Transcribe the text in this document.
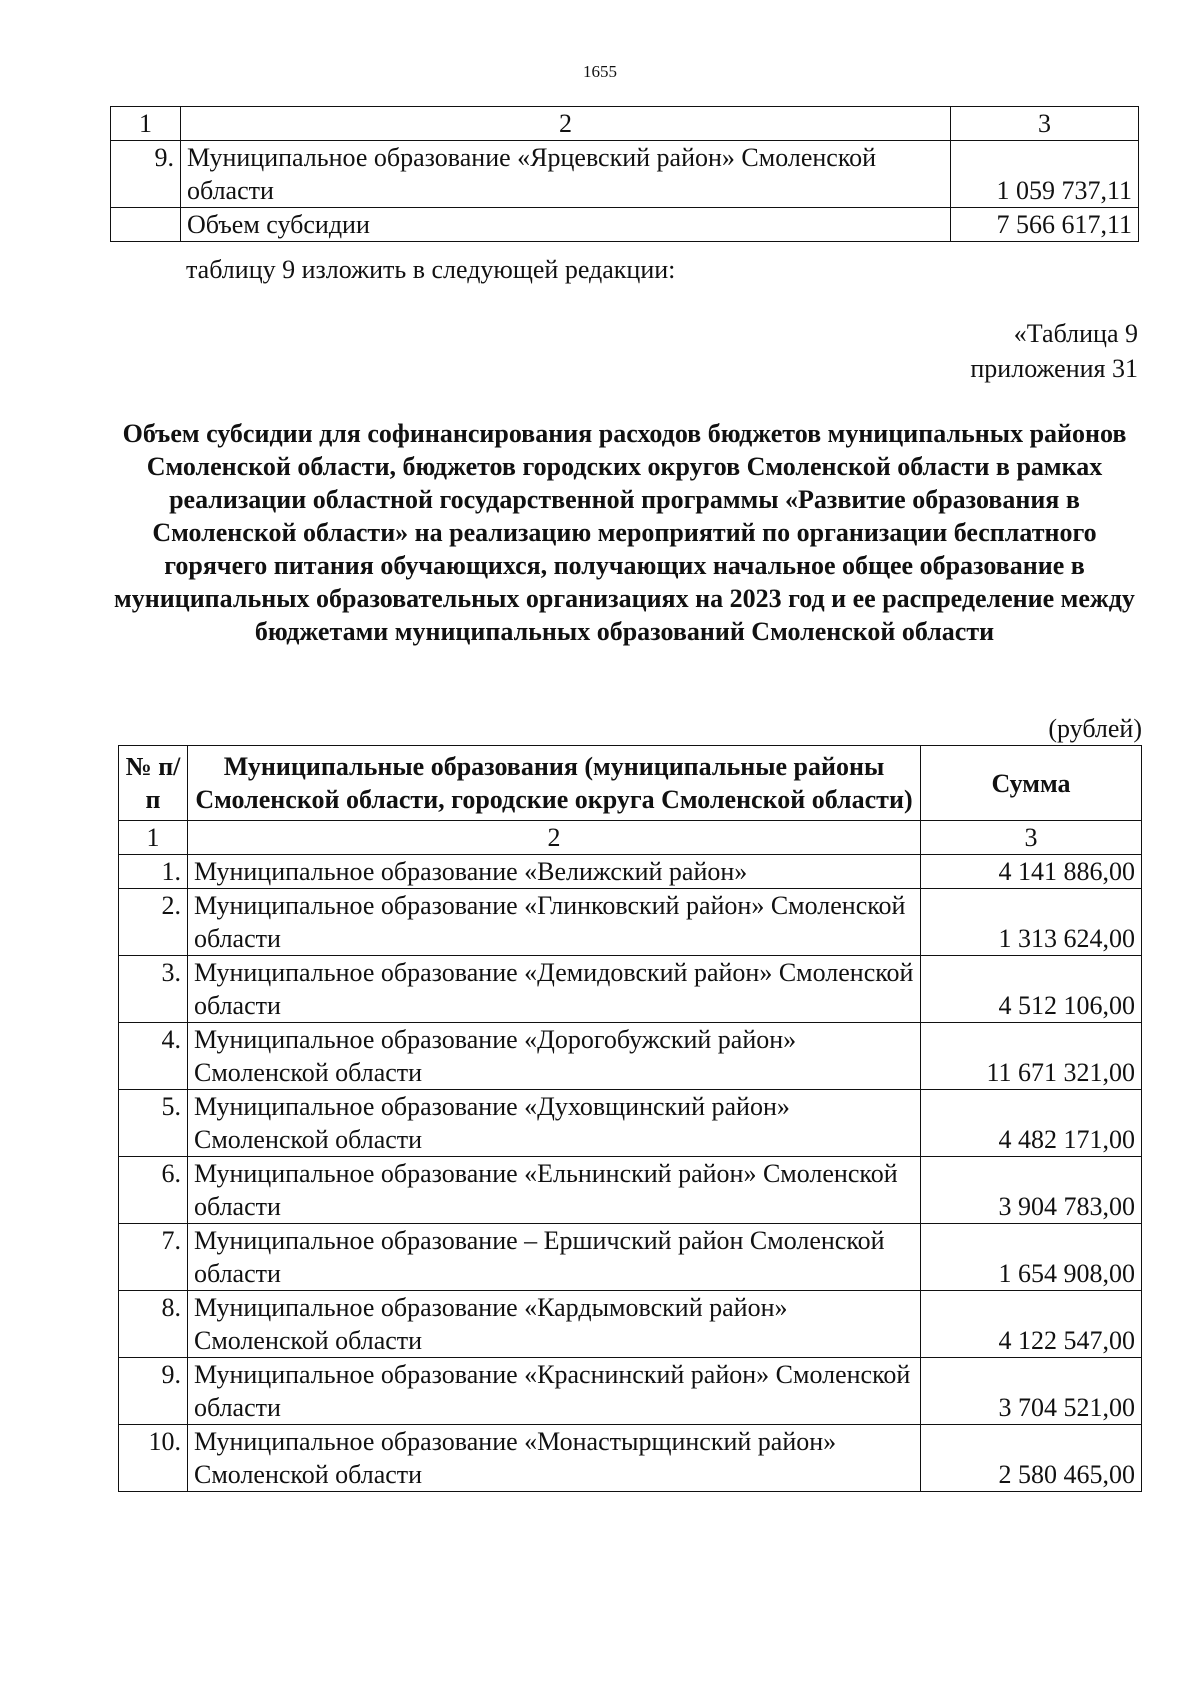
1655
1	2	3
9.	Муниципальное образование «Ярцевский район» Смоленской области	1 059 737,11
	Объем субсидии	7 566 617,11
таблицу 9 изложить в следующей редакции:
«Таблица 9
приложения 31
Объем субсидии для софинансирования расходов бюджетов муниципальных районов Смоленской области, бюджетов городских округов Смоленской области в рамках реализации областной государственной программы «Развитие образования в Смоленской области» на реализацию мероприятий по организации бесплатного горячего питания обучающихся, получающих начальное общее образование в муниципальных образовательных организациях на 2023 год и ее распределение между бюджетами муниципальных образований Смоленской области
(рублей)
№ п/п	Муниципальные образования (муниципальные районы Смоленской области, городские округа Смоленской области)	Сумма
1	2	3
1.	Муниципальное образование «Велижский район»	4 141 886,00
2.	Муниципальное образование «Глинковский район» Смоленской области	1 313 624,00
3.	Муниципальное образование «Демидовский район» Смоленской области	4 512 106,00
4.	Муниципальное образование «Дорогобужский район» Смоленской области	11 671 321,00
5.	Муниципальное образование «Духовщинский район» Смоленской области	4 482 171,00
6.	Муниципальное образование «Ельнинский район» Смоленской области	3 904 783,00
7.	Муниципальное образование – Ершичский район Смоленской области	1 654 908,00
8.	Муниципальное образование «Кардымовский район» Смоленской области	4 122 547,00
9.	Муниципальное образование «Краснинский район» Смоленской области	3 704 521,00
10.	Муниципальное образование «Монастырщинский район» Смоленской области	2 580 465,00
